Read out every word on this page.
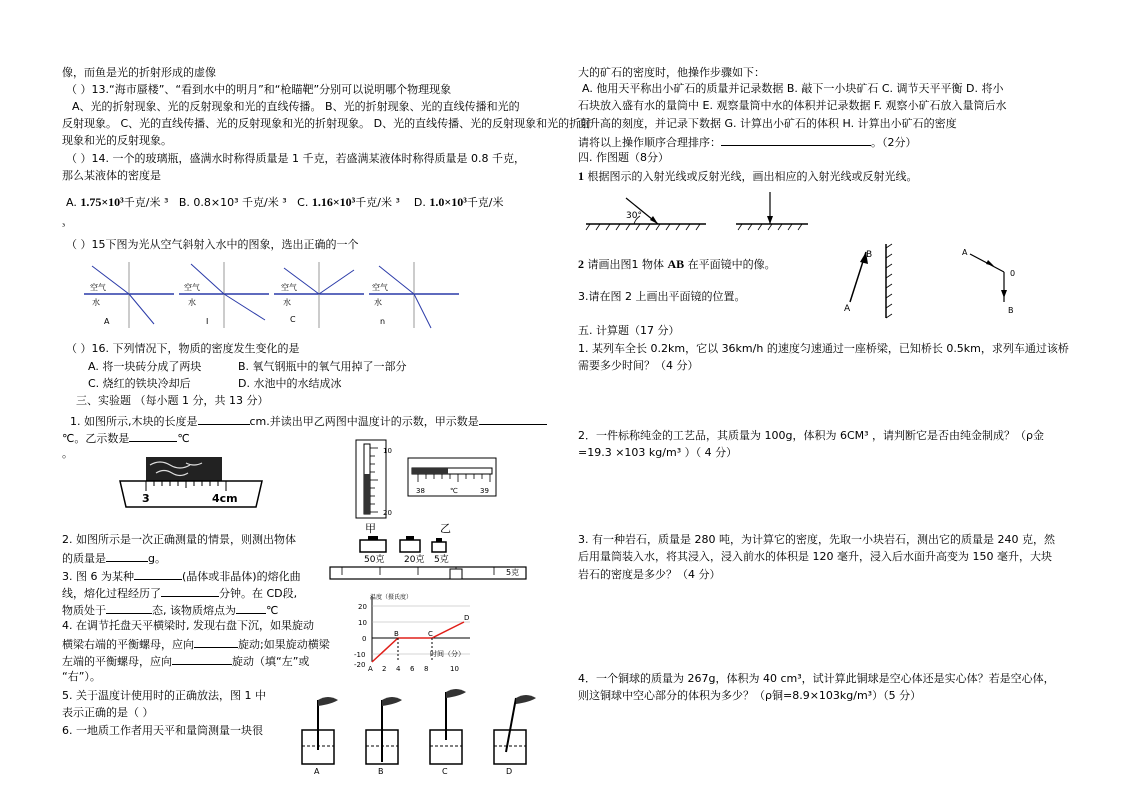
像，而鱼是光的折射形成的虚像
（ ）13.“海市蜃楼”、“看到水中的明月”和“枪瞄靶”分别可以说明哪个物理现象
A、光的折射现象、光的反射现象和光的直线传播。 B、光的折射现象、光的直线传播和光的
反射现象。 C、光的直线传播、光的反射现象和光的折射现象。 D、光的直线传播、光的反射现象和光的折射
现象和光的反射现象。
（ ）14. 一个的玻璃瓶，盛满水时称得质量是 1 千克，若盛满某液体时称得质量是 0.8 千克，
那么某液体的密度是
A. 1.75×10³千克/米 ³ B. 0.8×10³ 千克/米 ³ C. 1.16×10³千克/米 ³ D. 1.0×10³千克/米
³
（ ）15下图为光从空气斜射入水中的图象，选出正确的一个
空气
水
A
空气
水
I
空气
水
C
空气
水
n
（ ）16. 下列情况下，物质的密度发生变化的是
A. 将一块砖分成了两块	B. 氧气钢瓶中的氧气用掉了一部分
C. 烧红的铁块冷却后	D. 水池中的水结成冰
三、实验题 （每小题 1 分，共 13 分）
1. 如图所示,木块的长度是	cm.并读出甲乙两图中温度计的示数，甲示数是
℃。乙示数是	℃
。
3	4cm
10
20
甲
38	℃	39
乙
2. 如图所示是一次正确测量的情景，则测出物体
的质量是	g。	50克 20克 5克
5克
3. 图 6 为某种	(晶体或非晶体)的熔化曲
线，熔化过程经历了	分钟。在 CD段,
物质处于	态, 该物质熔点为	℃
温度（摄氏度）
时间（分）
20
10
0
-10
-20 A 2 4 6 8	10
B	C
D
4. 在调节托盘天平横梁时, 发现右盘下沉，如果旋动
横梁右端的平衡螺母，应向	旋动;如果旋动横梁
左端的平衡螺母，应向	旋动（填“左”或
“右”）。
5. 关于温度计使用时的正确放法，图 1 中
表示正确的是（ ）
6. 一地质工作者用天平和量筒测量一块很
A	B	C	D
大的矿石的密度时，他操作步骤如下：
A. 他用天平称出小矿石的质量并记录数据 B. 敲下一小块矿石 C. 调节天平平衡 D. 将小
石块放入盛有水的量筒中 E. 观察量筒中水的体积并记录数据 F. 观察小矿石放入量筒后水
面升高的刻度，并记录下数据 G. 计算出小矿石的体积 H. 计算出小矿石的密度
请将以上操作顺序合理排序：	。（2分）
四. 作图题（8分）
1 根据图示的入射光线或反射光线，画出相应的入射光线或反射光线。
30°
2 请画出图1 物体 AB 在平面镜中的像。
3.请在图 2 上画出平面镜的位置。
B
A
A
0
B
五. 计算题（17 分）
1. 某列车全长 0.2km，它以 36km/h 的速度匀速通过一座桥梁，已知桥长 0.5km，求列车通过该桥
需要多少时间？（4 分）
2．一件标称纯金的工艺品，其质量为 100g，体积为 6CM³ ，请判断它是否由纯金制成？（ρ金
=19.3 ×103 kg/m³ ）（ 4 分）
3. 有一种岩石，质量是 280 吨，为计算它的密度，先取一小块岩石，测出它的质量是 240 克，然
后用量筒装入水，将其浸入，浸入前水的体积是 120 毫升，浸入后水面升高变为 150 毫升，大块
岩石的密度是多少？（4 分）
4．一个铜球的质量为 267g，体积为 40 cm³，试计算此铜球是空心体还是实心体？若是空心体，
则这铜球中空心部分的体积为多少？（ρ铜=8.9×103kg/m³）（5 分）
